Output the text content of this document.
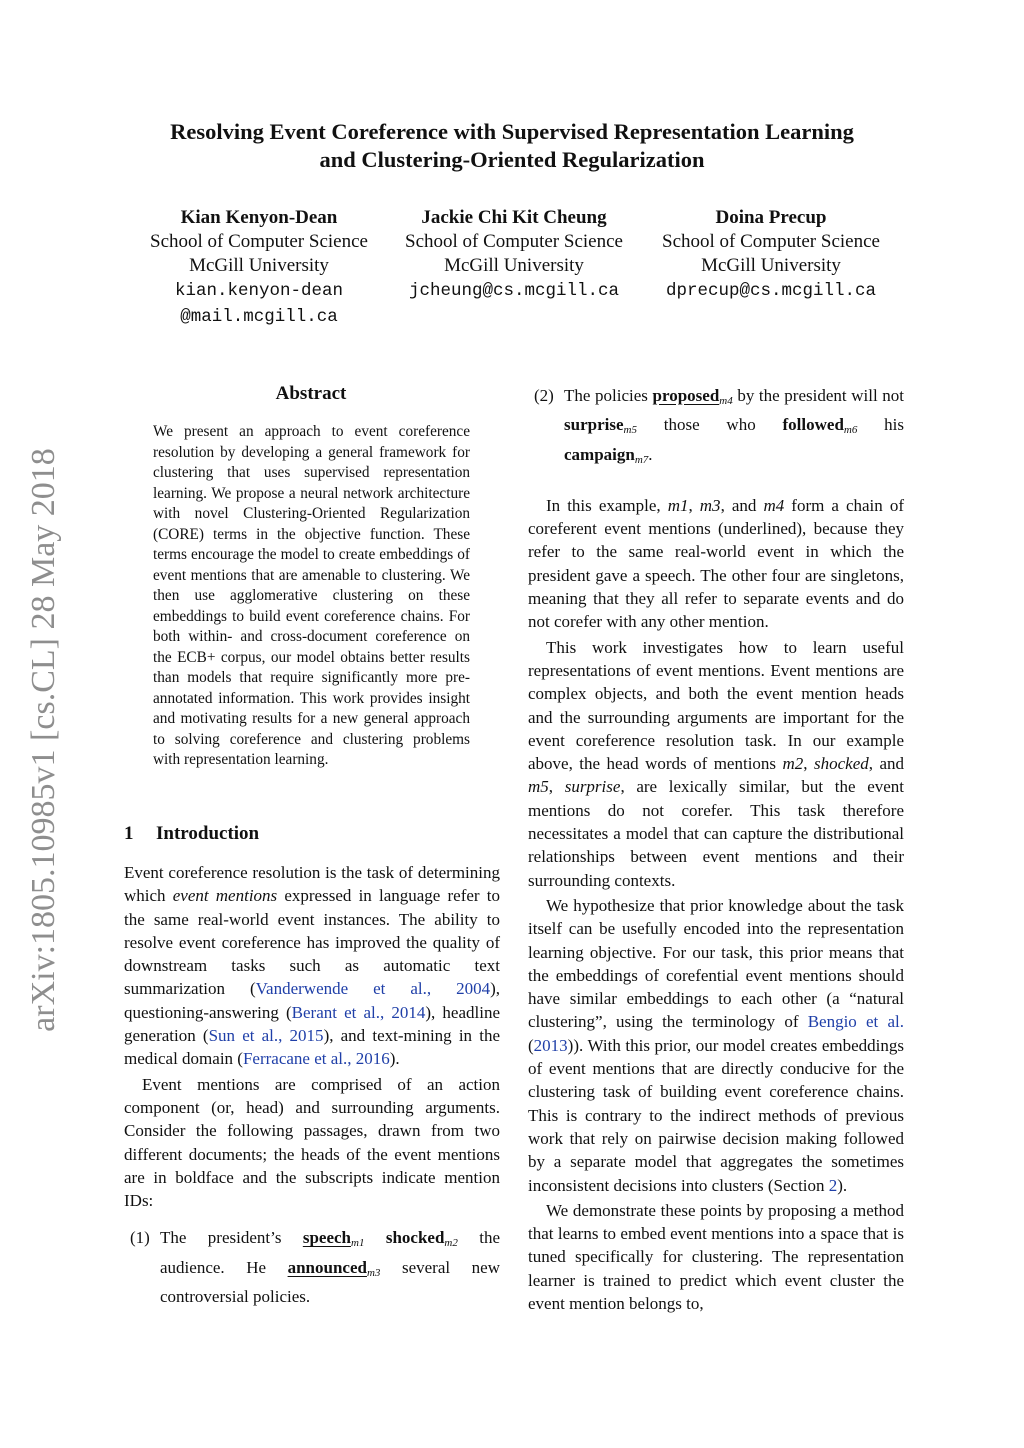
Resolving Event Coreference with Supervised Representation Learning
and Clustering-Oriented Regularization
Kian Kenyon-Dean
School of Computer Science
McGill University
kian.kenyon-dean
@mail.mcgill.ca
Jackie Chi Kit Cheung
School of Computer Science
McGill University
jcheung@cs.mcgill.ca
Doina Precup
School of Computer Science
McGill University
dprecup@cs.mcgill.ca
arXiv:1805.10985v1 [cs.CL] 28 May 2018
Abstract
We present an approach to event coreference resolution by developing a general framework for clustering that uses supervised representation learning. We propose a neural network architecture with novel Clustering-Oriented Regularization (CORE) terms in the objective function. These terms encourage the model to create embeddings of event mentions that are amenable to clustering. We then use agglomerative clustering on these embeddings to build event coreference chains. For both within- and cross-document coreference on the ECB+ corpus, our model obtains better results than models that require significantly more pre-annotated information. This work provides insight and motivating results for a new general approach to solving coreference and clustering problems with representation learning.
1 Introduction

Event coreference resolution is the task of determining which event mentions expressed in language refer to the same real-world event instances. The ability to resolve event coreference has improved the quality of downstream tasks such as automatic text summarization (Vanderwende et al., 2004), questioning-answering (Berant et al., 2014), headline generation (Sun et al., 2015), and text-mining in the medical domain (Ferracane et al., 2016).

Event mentions are comprised of an action component (or, head) and surrounding arguments. Consider the following passages, drawn from two different documents; the heads of the event mentions are in boldface and the subscripts indicate mention IDs:

(1) The president’s speech$_{m1}$ shocked$_{m2}$ the audience. He announced$_{m3}$ several new controversial policies.

(2) The policies proposed$_{m4}$ by the president will not surprise$_{m5}$ those who followed$_{m6}$ his campaign$_{m7}$.

In this example, m1, m3, and m4 form a chain of coreferent event mentions (underlined), because they refer to the same real-world event in which the president gave a speech. The other four are singletons, meaning that they all refer to separate events and do not corefer with any other mention.

This work investigates how to learn useful representations of event mentions. Event mentions are complex objects, and both the event mention heads and the surrounding arguments are important for the event coreference resolution task. In our example above, the head words of mentions m2, shocked, and m5, surprise, are lexically similar, but the event mentions do not corefer. This task therefore necessitates a model that can capture the distributional relationships between event mentions and their surrounding contexts.

We hypothesize that prior knowledge about the task itself can be usefully encoded into the representation learning objective. For our task, this prior means that the embeddings of corefential event mentions should have similar embeddings to each other (a “natural clustering”, using the terminology of Bengio et al. (2013)). With this prior, our model creates embeddings of event mentions that are directly conducive for the clustering task of building event coreference chains. This is contrary to the indirect methods of previous work that rely on pairwise decision making followed by a separate model that aggregates the sometimes inconsistent decisions into clusters (Section 2).

We demonstrate these points by proposing a method that learns to embed event mentions into a space that is tuned specifically for clustering. The representation learner is trained to predict which event cluster the event mention belongs to,
